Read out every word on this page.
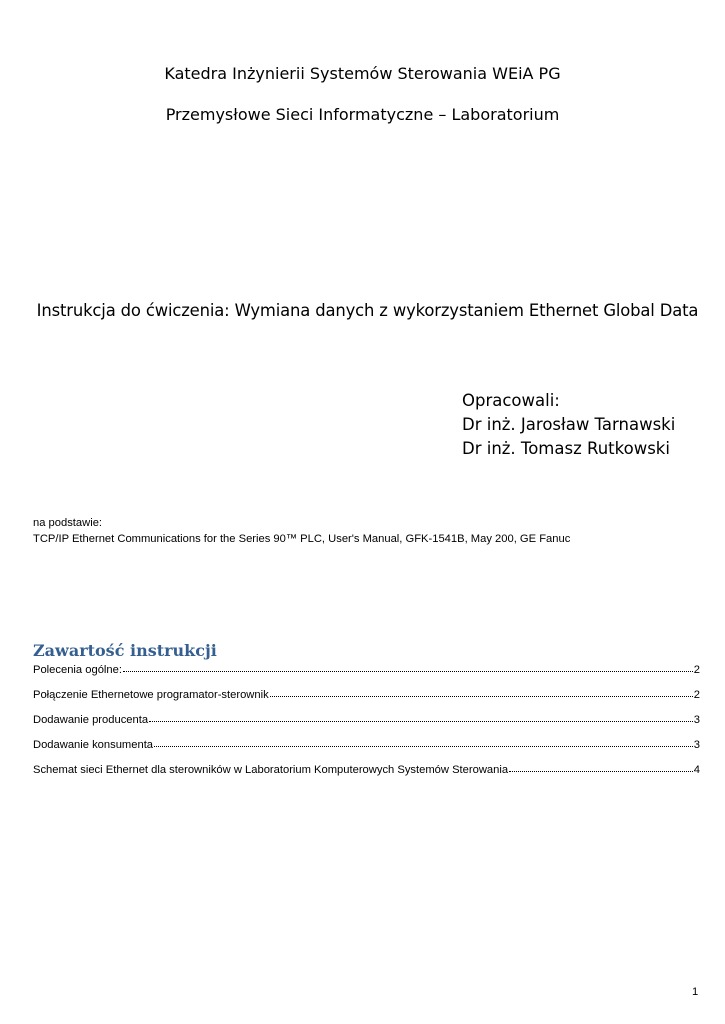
Katedra Inżynierii Systemów Sterowania WEiA PG
Przemysłowe Sieci Informatyczne – Laboratorium
Instrukcja do ćwiczenia: Wymiana danych z wykorzystaniem Ethernet Global Data
Opracowali:
Dr inż. Jarosław Tarnawski
Dr inż. Tomasz Rutkowski
na podstawie:
TCP/IP Ethernet Communications for the Series 90™ PLC, User's Manual, GFK-1541B, May 200, GE Fanuc
Zawartość instrukcji
Polecenia ogólne:	2
Połączenie Ethernetowe programator-sterownik	2
Dodawanie producenta	3
Dodawanie konsumenta	3
Schemat sieci Ethernet dla sterowników w Laboratorium Komputerowych Systemów Sterowania	4
1
